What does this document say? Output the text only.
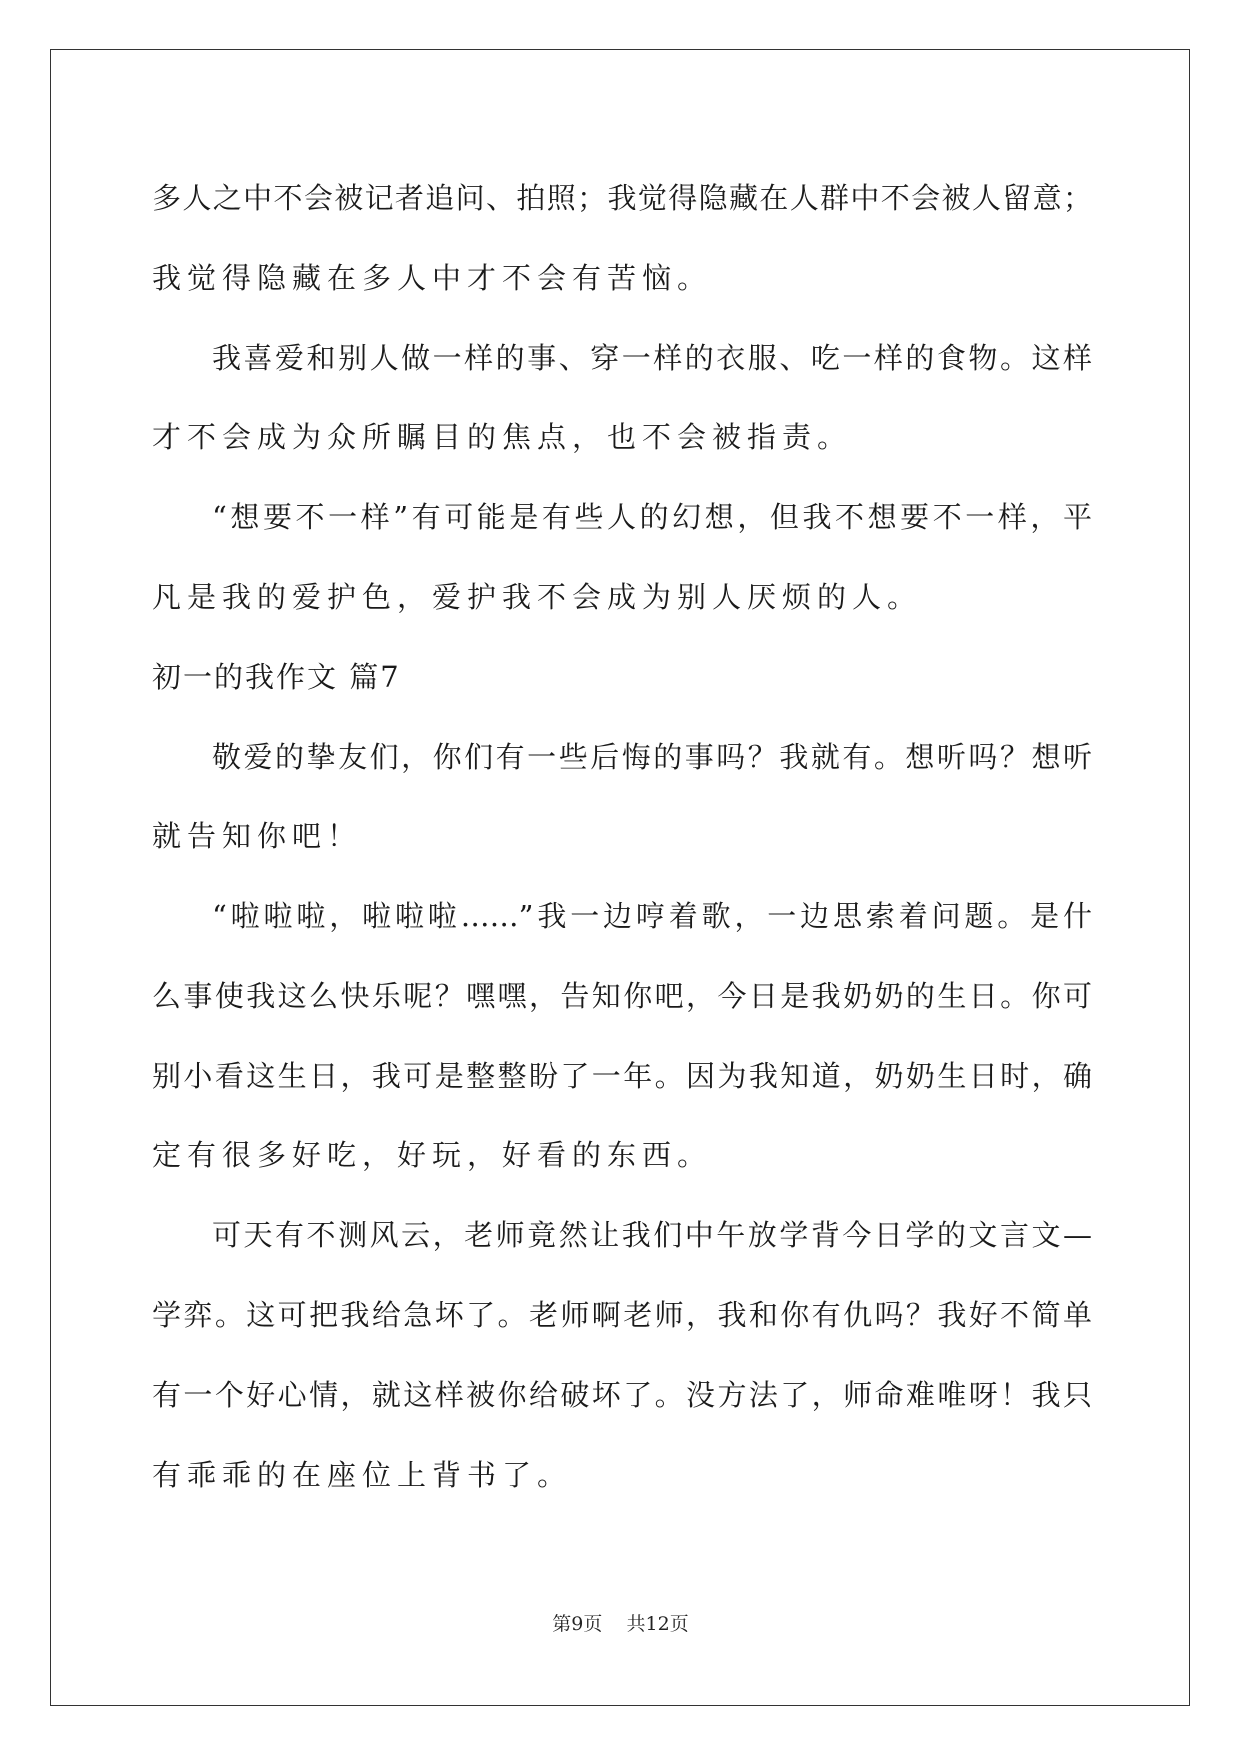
多人之中不会被记者追问、拍照；我觉得隐藏在人群中不会被人留意；
我觉得隐藏在多人中才不会有苦恼。
我喜爱和别人做一样的事、穿一样的衣服、吃一样的食物。这样
才不会成为众所瞩目的焦点，也不会被指责。
“想要不一样”有可能是有些人的幻想，但我不想要不一样，平
凡是我的爱护色，爱护我不会成为别人厌烦的人。
初一的我作文 篇7
敬爱的挚友们，你们有一些后悔的事吗？我就有。想听吗？想听
就告知你吧！
“啦啦啦，啦啦啦……”我一边哼着歌，一边思索着问题。是什
么事使我这么快乐呢？嘿嘿，告知你吧，今日是我奶奶的生日。你可
别小看这生日，我可是整整盼了一年。因为我知道，奶奶生日时，确
定有很多好吃，好玩，好看的东西。
可天有不测风云，老师竟然让我们中午放学背今日学的文言文—
学弈。这可把我给急坏了。老师啊老师，我和你有仇吗？我好不简单
有一个好心情，就这样被你给破坏了。没方法了，师命难唯呀！我只
有乖乖的在座位上背书了。
第9页 共12页
